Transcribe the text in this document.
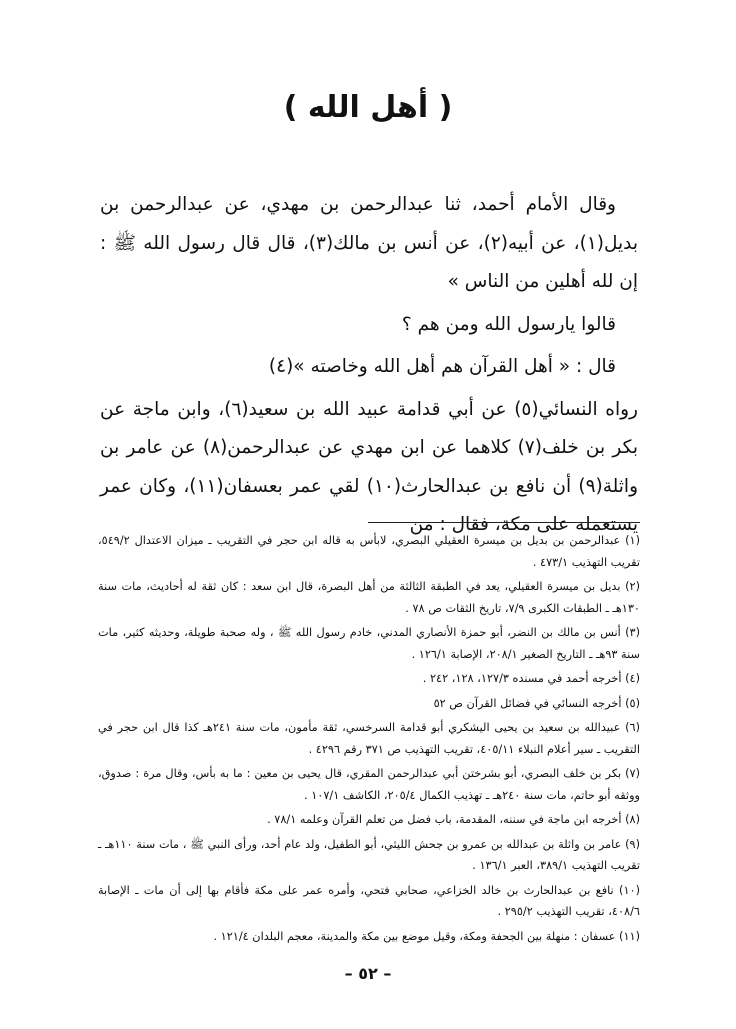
( أهل الله )

وقال الأمام أحمد، ثنا عبدالرحمن بن مهدي، عن عبدالرحمن بن بديل(١)، عن أبيه(٢)، عن أنس بن مالك(٣)، قال قال رسول الله ﷺ : إن لله أهلين من الناس »

قالوا يارسول الله ومن هم ؟

قال : « أهل القرآن هم أهل الله وخاصته »(٤)

رواه النسائي(٥) عن أبي قدامة عبيد الله بن سعيد(٦)، وابن ماجة عن بكر بن خلف(٧) كلاهما عن ابن مهدي عن عبدالرحمن(٨) عن عامر بن واثلة(٩) أن نافع بن عبدالحارث(١٠) لقي عمر بعسفان(١١)، وكان عمر يستعمله على مكة، فقال : من

(١) عبدالرحمن بن بديل بن ميسرة العقيلي البصري، لابأس به قاله ابن حجر في التقريب ـ ميزان الاعتدال ٥٤٩/٢، تقريب التهذيب ٤٧٣/١ .

(٢) بديل بن ميسرة العقيلي، يعد في الطبقة الثالثة من أهل البصرة، قال ابن سعد : كان ثقة له أحاديث، مات سنة ١٣٠هـ ـ الطبقات الكبرى ٧/٩، تاريخ الثقات ص ٧٨ .

(٣) أنس بن مالك بن النضر، أبو حمزة الأنصاري المدني، خادم رسول الله ﷺ ، وله صحبة طويلة، وحديثه كثير، مات سنة ٩٣هـ ـ التاريخ الصغير ٢٠٨/١، الإصابة ١٢٦/١ .

(٤) أخرجه أحمد في مسنده ١٢٧/٣، ١٢٨، ٢٤٢ .

(٥) أخرجه النسائي في فضائل القرآن ص ٥٢

(٦) عبيدالله بن سعيد بن يحيى اليشكري أبو قدامة السرخسي، ثقة مأمون، مات سنة ٢٤١هـ كذا قال ابن حجر في التقريب ـ سير أعلام النبلاء ٤٠٥/١١، تقريب التهذيب ص ٣٧١ رقم ٤٢٩٦ .

(٧) بكر بن خلف البصري، أبو بشرختن أبي عبدالرحمن المقري، قال يحيى بن معين : ما به بأس، وقال مرة : صدوق، ووثقه أبو حاتم، مات سنة ٢٤٠هـ ـ تهذيب الكمال ٢٠٥/٤، الكاشف ١٠٧/١ .

(٨) أخرجه ابن ماجة في سننه، المقدمة، باب فضل من تعلم القرآن وعلمه ٧٨/١ .

(٩) عامر بن واثلة بن عبدالله بن عمرو بن جحش الليثي، أبو الطفيل، ولد عام أحد، ورأى النبي ﷺ ، مات سنة ١١٠هـ ـ تقريب التهذيب ٣٨٩/١، العبر ١٣٦/١ .

(١٠) نافع بن عبدالحارث بن خالد الخزاعي، صحابي فتحي، وأمره عمر على مكة فأقام بها إلى أن مات ـ الإصابة ٤٠٨/٦، تقريب التهذيب ٢٩٥/٢ .

(١١) عسفان : منهلة بين الجحفة ومكة، وقيل موضع بين مكة والمدينة، معجم البلدان ١٢١/٤ .

– ٥٢ –
